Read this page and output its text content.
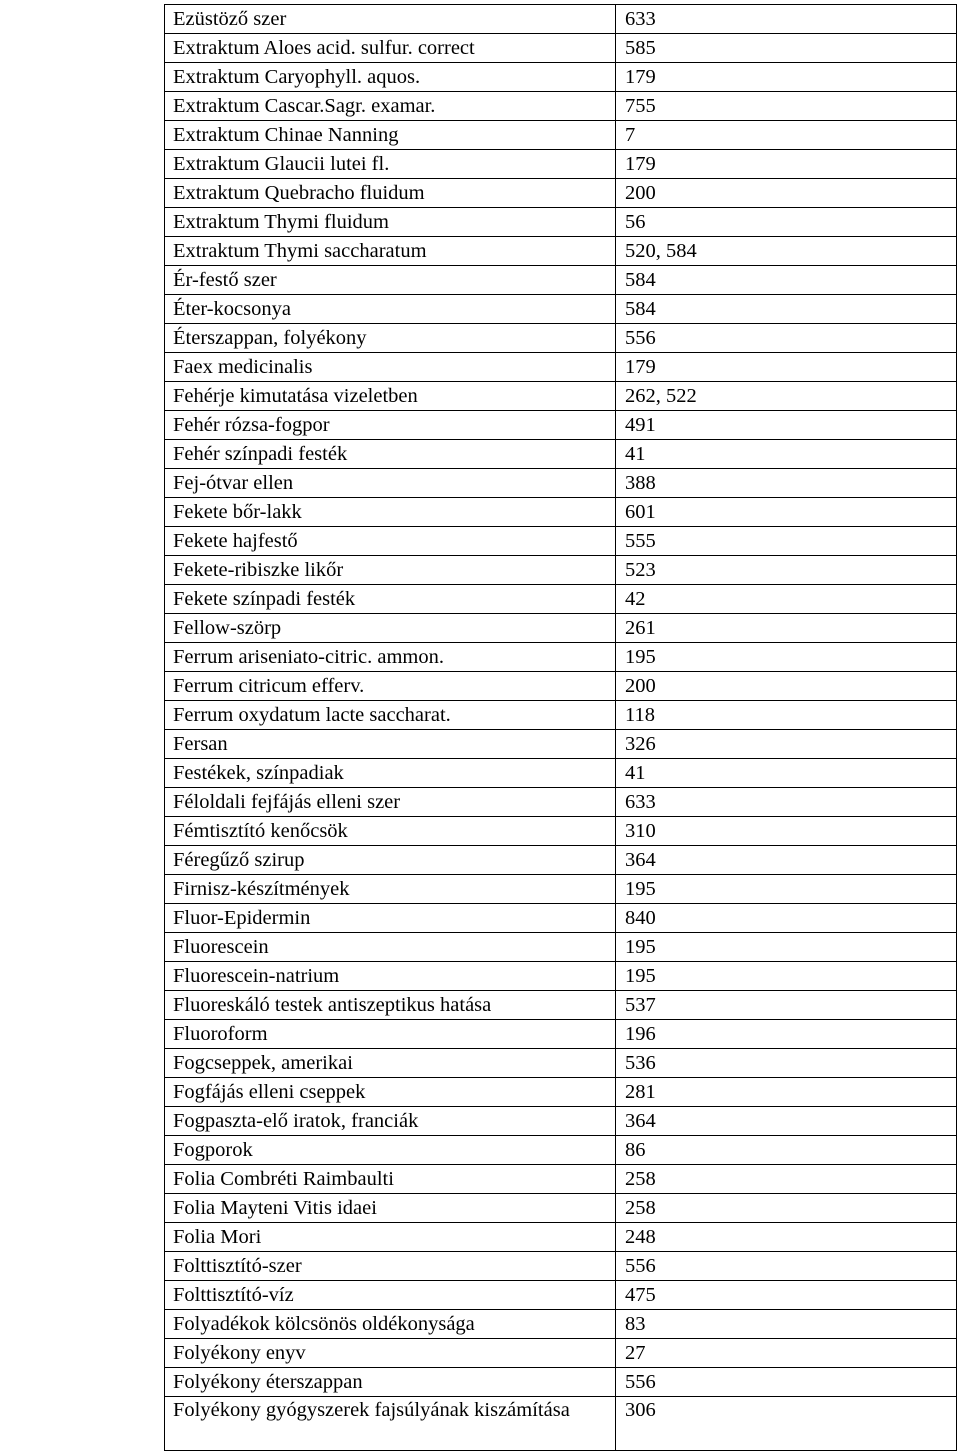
Ezüstöző szer	633
Extraktum Aloes acid. sulfur. correct	585
Extraktum Caryophyll. aquos.	179
Extraktum Cascar.Sagr. examar.	755
Extraktum Chinae Nanning	7
Extraktum Glaucii lutei fl.	179
Extraktum Quebracho fluidum	200
Extraktum Thymi fluidum	56
Extraktum Thymi saccharatum	520, 584
Ér-festő szer	584
Éter-kocsonya	584
Éterszappan, folyékony	556
Faex medicinalis	179
Fehérje kimutatása vizeletben	262, 522
Fehér rózsa-fogpor	491
Fehér színpadi festék	41
Fej-ótvar ellen	388
Fekete bőr-lakk	601
Fekete hajfestő	555
Fekete-ribiszke likőr	523
Fekete színpadi festék	42
Fellow-szörp	261
Ferrum ariseniato-citric. ammon.	195
Ferrum citricum efferv.	200
Ferrum oxydatum lacte saccharat.	118
Fersan	326
Festékek, színpadiak	41
Féloldali fejfájás elleni szer	633
Fémtisztító kenőcsök	310
Féregűző szirup	364
Firnisz-készítmények	195
Fluor-Epidermin	840
Fluorescein	195
Fluorescein-natrium	195
Fluoreskáló testek antiszeptikus hatása	537
Fluoroform	196
Fogcseppek, amerikai	536
Fogfájás elleni cseppek	281
Fogpaszta-elő iratok, franciák	364
Fogporok	86
Folia Combréti Raimbaulti	258
Folia Mayteni Vitis idaei	258
Folia Mori	248
Folttisztító-szer	556
Folttisztító-víz	475
Folyadékok kölcsönös oldékonysága	83
Folyékony enyv	27
Folyékony éterszappan	556
Folyékony gyógyszerek fajsúlyának kiszámítása	306
